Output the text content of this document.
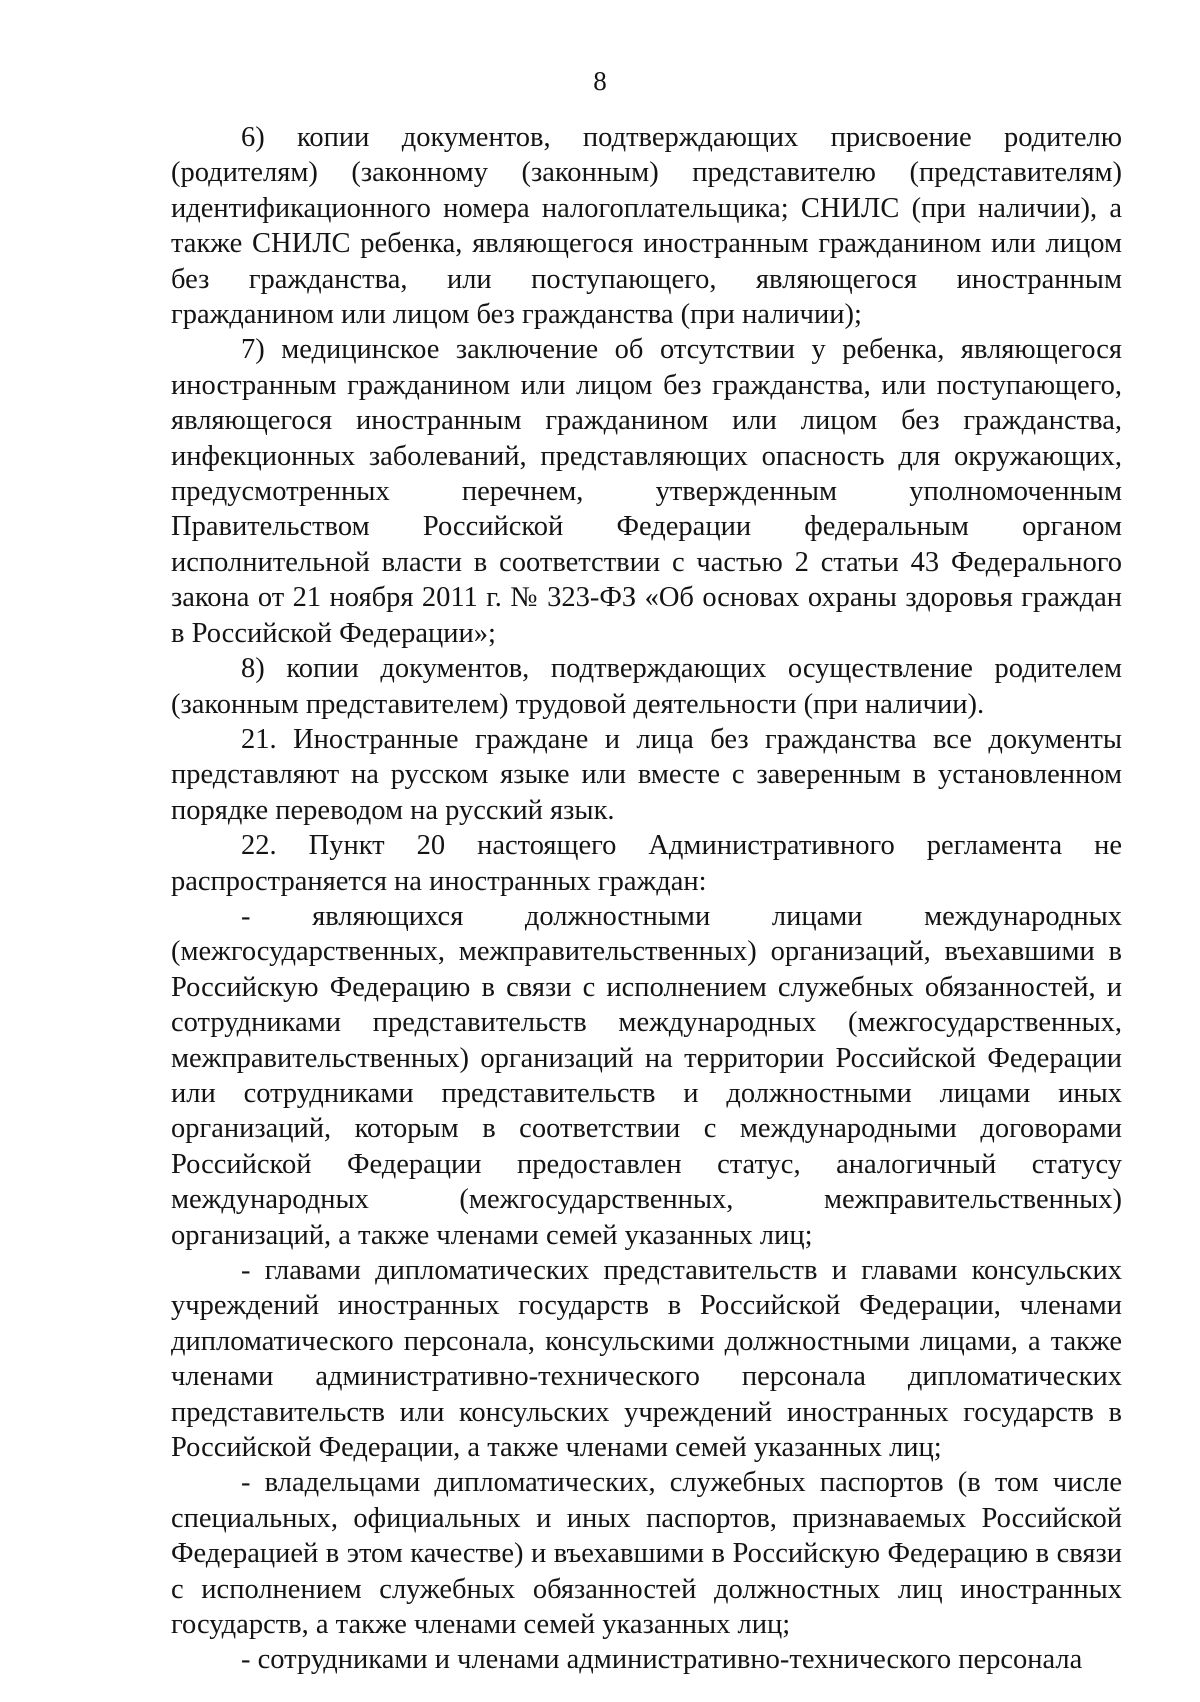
8

6) копии документов, подтверждающих присвоение родителю (родителям) (законному (законным) представителю (представителям) идентификационного номера налогоплательщика; СНИЛС (при наличии), а также СНИЛС ребенка, являющегося иностранным гражданином или лицом без гражданства, или поступающего, являющегося иностранным гражданином или лицом без гражданства (при наличии);

7) медицинское заключение об отсутствии у ребенка, являющегося иностранным гражданином или лицом без гражданства, или поступающего, являющегося иностранным гражданином или лицом без гражданства, инфекционных заболеваний, представляющих опасность для окружающих, предусмотренных перечнем, утвержденным уполномоченным Правительством Российской Федерации федеральным органом исполнительной власти в соответствии с частью 2 статьи 43 Федерального закона от 21 ноября 2011 г. № 323-ФЗ «Об основах охраны здоровья граждан в Российской Федерации»;

8) копии документов, подтверждающих осуществление родителем (законным представителем) трудовой деятельности (при наличии).

21. Иностранные граждане и лица без гражданства все документы представляют на русском языке или вместе с заверенным в установленном порядке переводом на русский язык.

22. Пункт 20 настоящего Административного регламента не распространяется на иностранных граждан:

- являющихся должностными лицами международных (межгосударственных, межправительственных) организаций, въехавшими в Российскую Федерацию в связи с исполнением служебных обязанностей, и сотрудниками представительств международных (межгосударственных, межправительственных) организаций на территории Российской Федерации или сотрудниками представительств и должностными лицами иных организаций, которым в соответствии с международными договорами Российской Федерации предоставлен статус, аналогичный статусу международных (межгосударственных, межправительственных) организаций, а также членами семей указанных лиц;

- главами дипломатических представительств и главами консульских учреждений иностранных государств в Российской Федерации, членами дипломатического персонала, консульскими должностными лицами, а также членами административно-технического персонала дипломатических представительств или консульских учреждений иностранных государств в Российской Федерации, а также членами семей указанных лиц;

- владельцами дипломатических, служебных паспортов (в том числе специальных, официальных и иных паспортов, признаваемых Российской Федерацией в этом качестве) и въехавшими в Российскую Федерацию в связи с исполнением служебных обязанностей должностных лиц иностранных государств, а также членами семей указанных лиц;

- сотрудниками и членами административно-технического персонала
